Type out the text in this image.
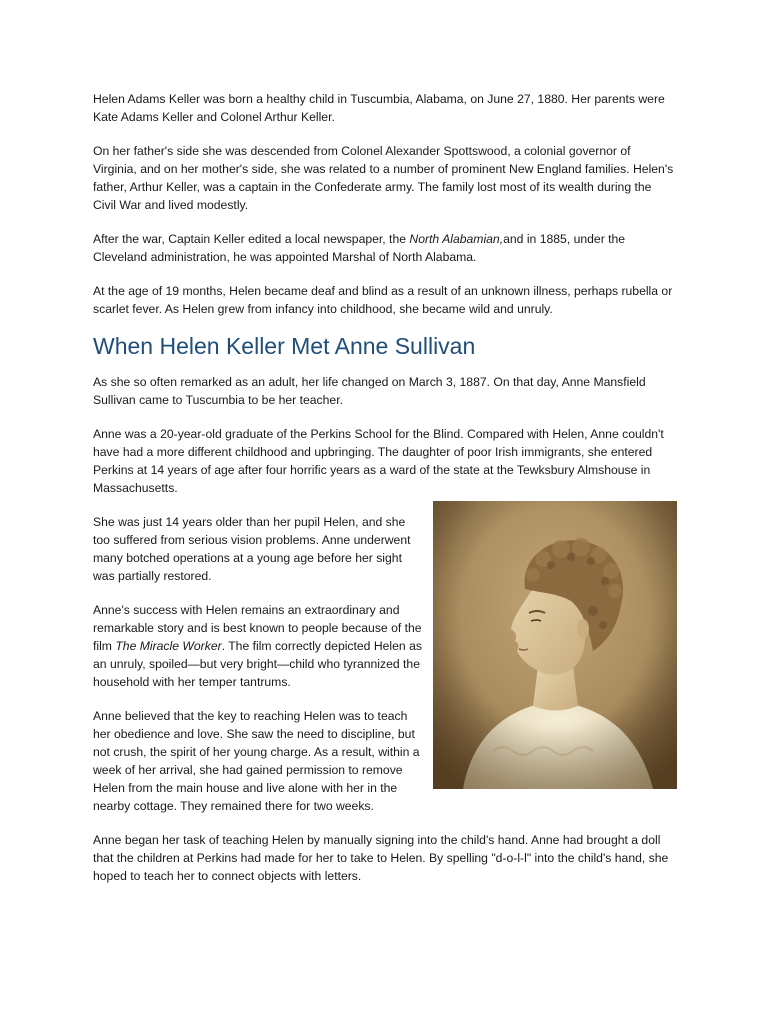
Helen Adams Keller was born a healthy child in Tuscumbia, Alabama, on June 27, 1880. Her parents were Kate Adams Keller and Colonel Arthur Keller.

On her father's side she was descended from Colonel Alexander Spottswood, a colonial governor of Virginia, and on her mother's side, she was related to a number of prominent New England families. Helen's father, Arthur Keller, was a captain in the Confederate army. The family lost most of its wealth during the Civil War and lived modestly.

After the war, Captain Keller edited a local newspaper, the North Alabamian,and in 1885, under the Cleveland administration, he was appointed Marshal of North Alabama.

At the age of 19 months, Helen became deaf and blind as a result of an unknown illness, perhaps rubella or scarlet fever. As Helen grew from infancy into childhood, she became wild and unruly.

When Helen Keller Met Anne Sullivan

As she so often remarked as an adult, her life changed on March 3, 1887. On that day, Anne Mansfield Sullivan came to Tuscumbia to be her teacher.

Anne was a 20-year-old graduate of the Perkins School for the Blind. Compared with Helen, Anne couldn't have had a more different childhood and upbringing. The daughter of poor Irish immigrants, she entered Perkins at 14 years of age after four horrific years as a ward of the state at the Tewksbury Almshouse in Massachusetts.

She was just 14 years older than her pupil Helen, and she too suffered from serious vision problems. Anne underwent many botched operations at a young age before her sight was partially restored.

Anne's success with Helen remains an extraordinary and remarkable story and is best known to people because of the film The Miracle Worker. The film correctly depicted Helen as an unruly, spoiled—but very bright—child who tyrannized the household with her temper tantrums.

Anne believed that the key to reaching Helen was to teach her obedience and love. She saw the need to discipline, but not crush, the spirit of her young charge. As a result, within a week of her arrival, she had gained permission to remove Helen from the main house and live alone with her in the nearby cottage. They remained there for two weeks.

Anne began her task of teaching Helen by manually signing into the child's hand. Anne had brought a doll that the children at Perkins had made for her to take to Helen. By spelling "d-o-l-l" into the child's hand, she hoped to teach her to connect objects with letters.
